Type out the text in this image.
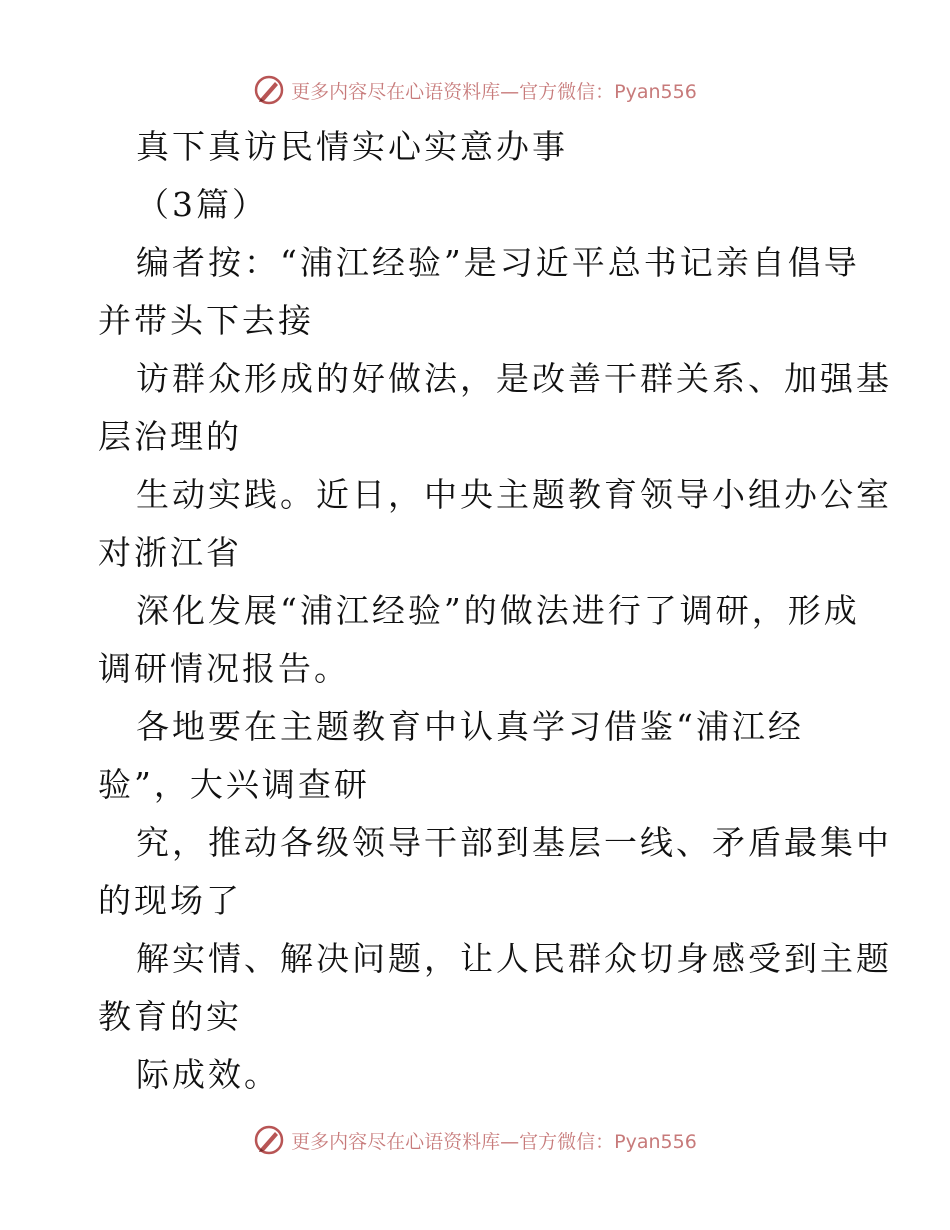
更多内容尽在心语资料库—官方微信：Pyan556
真下真访民情实心实意办事
（3篇）
编者按：“浦江经验”是习近平总书记亲自倡导
并带头下去接
访群众形成的好做法，是改善干群关系、加强基
层治理的
生动实践。近日，中央主题教育领导小组办公室
对浙江省
深化发展“浦江经验”的做法进行了调研，形成
调研情况报告。
各地要在主题教育中认真学习借鉴“浦江经
验”，大兴调查研
究，推动各级领导干部到基层一线、矛盾最集中
的现场了
解实情、解决问题，让人民群众切身感受到主题
教育的实
际成效。
更多内容尽在心语资料库—官方微信：Pyan556
